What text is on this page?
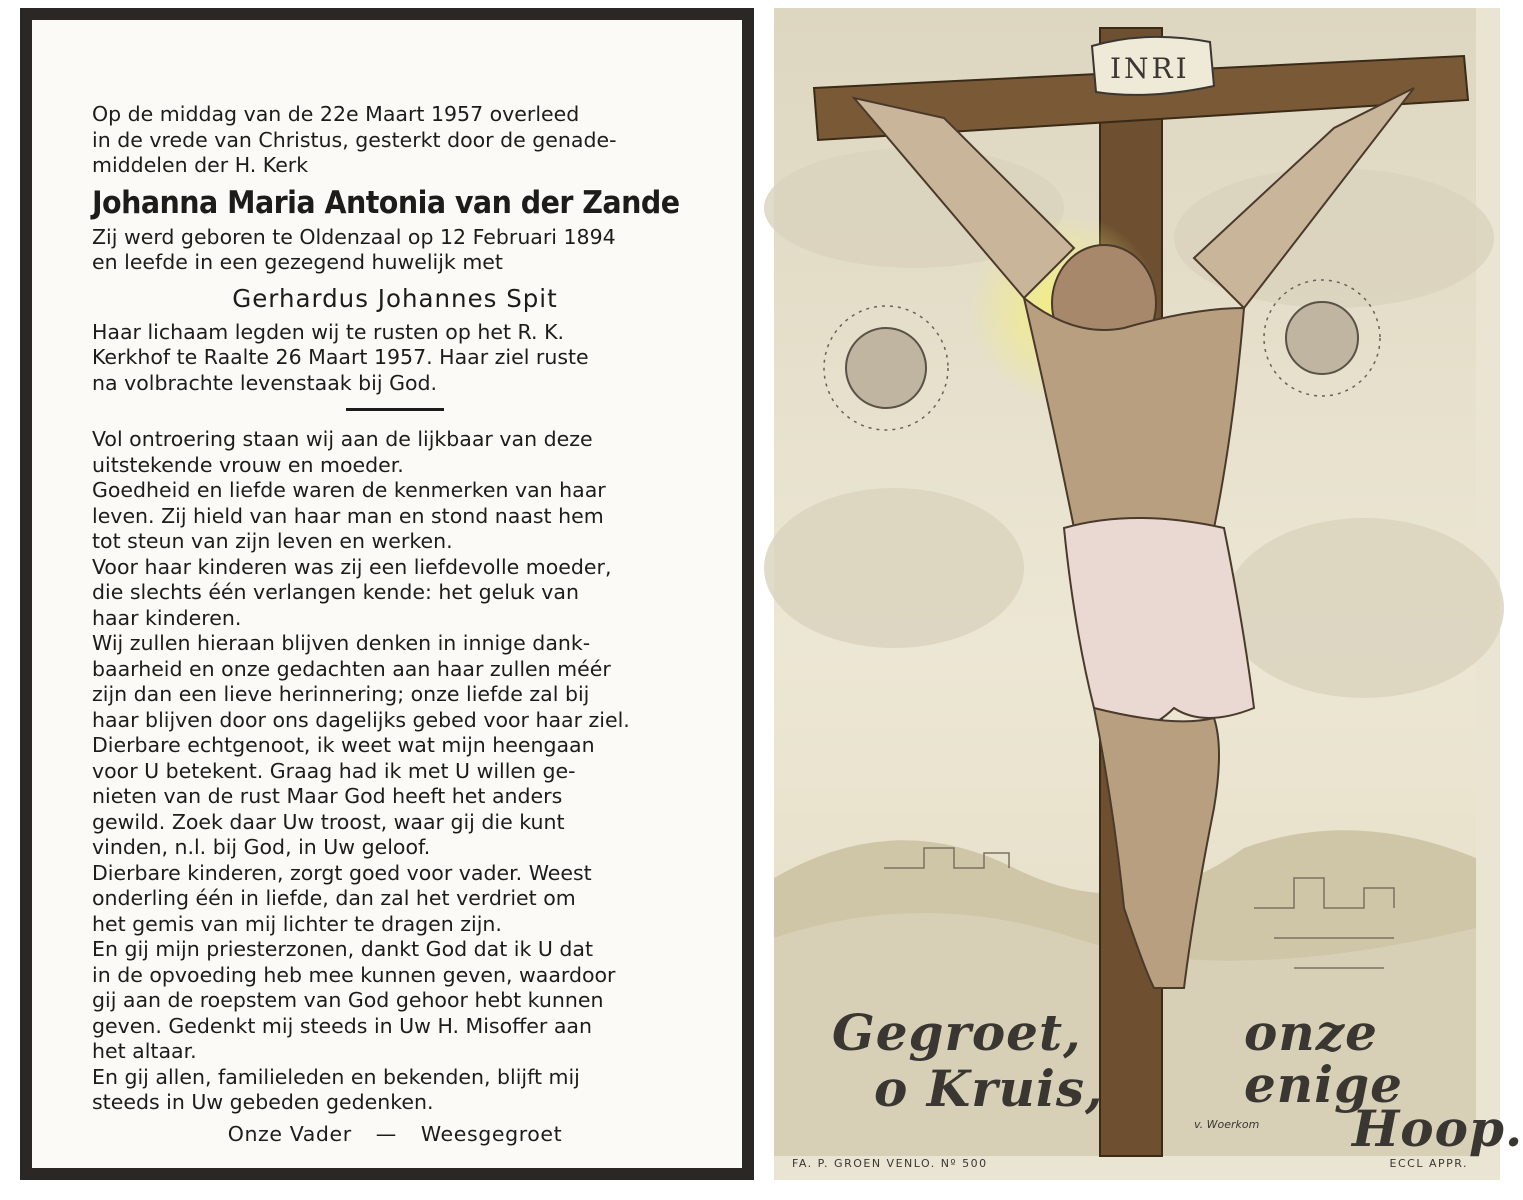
Op de middag van de 22e Maart 1957 overleed

in de vrede van Christus, gesterkt door de genade-

middelen der H. Kerk

Johanna Maria Antonia van der Zande

Zij werd geboren te Oldenzaal op 12 Februari 1894

en leefde in een gezegend huwelijk met

Gerhardus Johannes Spit

Haar lichaam legden wij te rusten op het R. K.

Kerkhof te Raalte 26 Maart 1957. Haar ziel ruste

na volbrachte levenstaak bij God.

Vol ontroering staan wij aan de lijkbaar van deze

uitstekende vrouw en moeder.

Goedheid en liefde waren de kenmerken van haar

leven. Zij hield van haar man en stond naast hem

tot steun van zijn leven en werken.

Voor haar kinderen was zij een liefdevolle moeder,

die slechts één verlangen kende: het geluk van

haar kinderen.

Wij zullen hieraan blijven denken in innige dank-

baarheid en onze gedachten aan haar zullen méér

zijn dan een lieve herinnering; onze liefde zal bij

haar blijven door ons dagelijks gebed voor haar ziel.

Dierbare echtgenoot, ik weet wat mijn heengaan

voor U betekent. Graag had ik met U willen ge-

nieten van de rust Maar God heeft het anders

gewild. Zoek daar Uw troost, waar gij die kunt

vinden, n.l. bij God, in Uw geloof.

Dierbare kinderen, zorgt goed voor vader. Weest

onderling één in liefde, dan zal het verdriet om

het gemis van mij lichter te dragen zijn.

En gij mijn priesterzonen, dankt God dat ik U dat

in de opvoeding heb mee kunnen geven, waardoor

gij aan de roepstem van God gehoor hebt kunnen

geven. Gedenkt mij steeds in Uw H. Misoffer aan

het altaar.

En gij allen, familieleden en bekenden, blijft mij

steeds in Uw gebeden gedenken.

Onze Vader — Weesgegroet	v. Woerkom
INRI
Gegroet,
o Kruis,
onze
enige
Hoop.
FA. P. GROEN VENLO. Nº 500	ECCL APPR.
